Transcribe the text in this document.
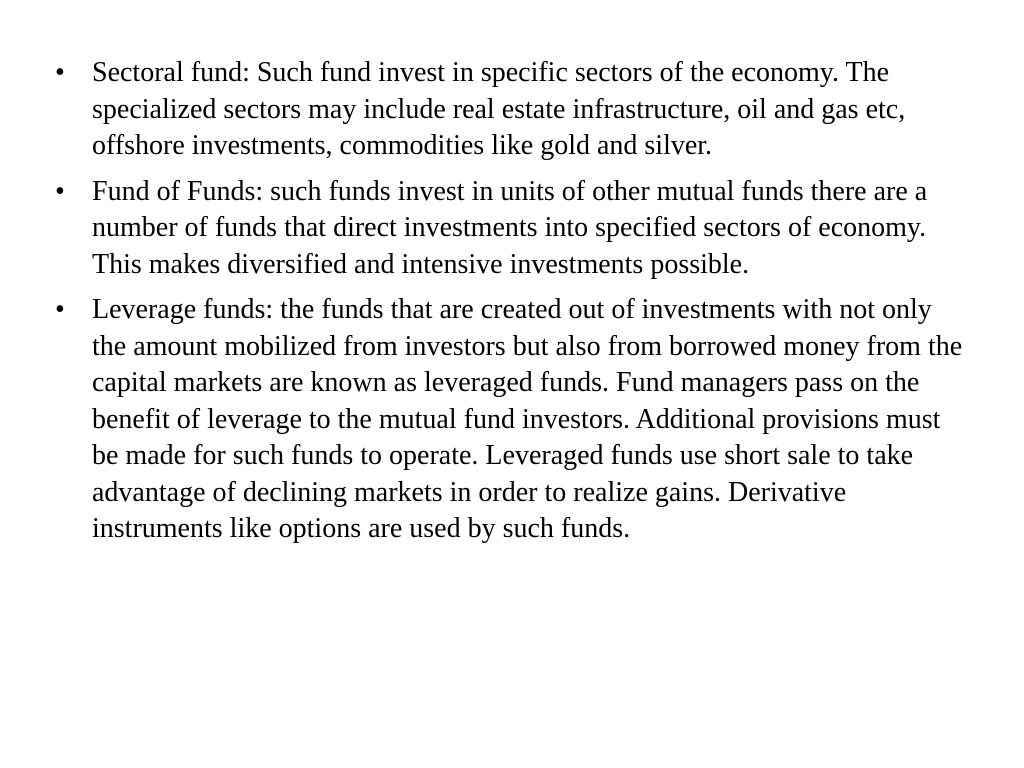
• Sectoral fund: Such fund invest in specific sectors of the economy. The specialized sectors may include real estate infrastructure, oil and gas etc, offshore investments, commodities like gold and silver.
• Fund of Funds: such funds invest in units of other mutual funds there are a number of funds that direct investments into specified sectors of economy. This makes diversified and intensive investments possible.
• Leverage funds: the funds that are created out of investments with not only the amount mobilized from investors but also from borrowed money from the capital markets are known as leveraged funds. Fund managers pass on the benefit of leverage to the mutual fund investors. Additional provisions must be made for such funds to operate. Leveraged funds use short sale to take advantage of declining markets in order to realize gains. Derivative instruments like options are used by such funds.
